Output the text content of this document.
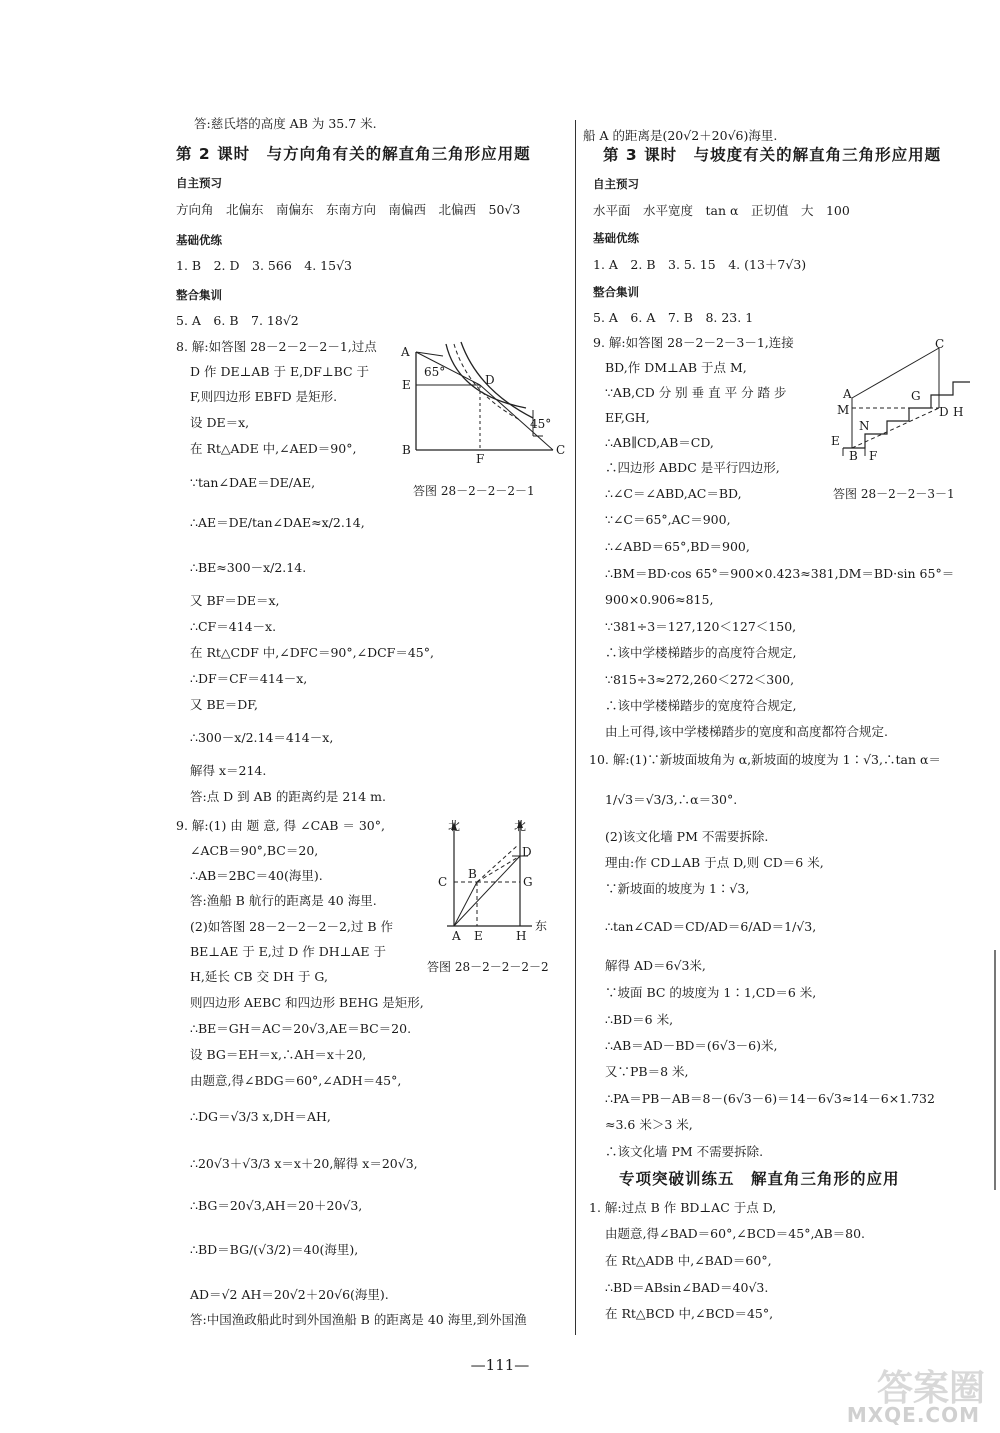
答:慈氏塔的高度 AB 为 35.7 米.
第 2 课时　与方向角有关的解直角三角形应用题
自主预习
方向角　北偏东　南偏东　东南方向　南偏西　北偏西　50√3
基础优练
1. B　2. D　3. 566　4. 15√3
整合集训
5. A　6. B　7. 18√2
8. 解:如答图 28－2－2－2－1,过点
D 作 DE⊥AB 于 E,DF⊥BC 于
F,则四边形 EBFD 是矩形.
设 DE＝x,
在 Rt△ADE 中,∠AED＝90°,
∵tan∠DAE＝DE/AE,
∴AE＝DE/tan∠DAE≈x/2.14,
∴BE≈300－x/2.14.
又 BF＝DE＝x,
∴CF＝414－x.
在 Rt△CDF 中,∠DFC＝90°,∠DCF＝45°,
∴DF＝CF＝414－x,
又 BE＝DF,
∴300－x/2.14＝414－x,
解得 x＝214.
答:点 D 到 AB 的距离约是 214 m.
9. 解:(1) 由 题 意, 得 ∠CAB ＝ 30°,
∠ACB＝90°,BC＝20,
∴AB＝2BC＝40(海里).
答:渔船 B 航行的距离是 40 海里.
(2)如答图 28－2－2－2－2,过 B 作
BE⊥AE 于 E,过 D 作 DH⊥AE 于
H,延长 CB 交 DH 于 G,
则四边形 AEBC 和四边形 BEHG 是矩形,
∴BE＝GH＝AC＝20√3,AE＝BC＝20.
设 BG＝EH＝x,∴AH＝x＋20,
由题意,得∠BDG＝60°,∠ADH＝45°,
∴DG＝√3/3 x,DH＝AH,
∴20√3＋√3/3 x＝x＋20,解得 x＝20√3,
∴BG＝20√3,AH＝20＋20√3,
∴BD＝BG/(√3/2)＝40(海里),
AD＝√2 AH＝20√2＋20√6(海里).
答:中国渔政船此时到外国渔船 B 的距离是 40 海里,到外国渔
船 A 的距离是(20√2＋20√6)海里.
第 3 课时　与坡度有关的解直角三角形应用题
自主预习
水平面　水平宽度　tan α　正切值　大　100
基础优练
1. A　2. B　3. 5. 15　4. (13＋7√3)
整合集训
5. A　6. A　7. B　8. 23. 1
9. 解:如答图 28－2－2－3－1,连接
BD,作 DM⊥AB 于点 M,
∵AB,CD 分 别 垂 直 平 分 踏 步
EF,GH,
∴AB∥CD,AB＝CD,
∴四边形 ABDC 是平行四边形,
∴∠C＝∠ABD,AC＝BD,
∵∠C＝65°,AC＝900,
∴∠ABD＝65°,BD＝900,
∴BM＝BD·cos 65°＝900×0.423≈381,DM＝BD·sin 65°＝
900×0.906≈815,
∵381÷3＝127,120＜127＜150,
∴该中学楼梯踏步的高度符合规定,
∵815÷3≈272,260＜272＜300,
∴该中学楼梯踏步的宽度符合规定,
由上可得,该中学楼梯踏步的宽度和高度都符合规定.
10. 解:(1)∵新坡面坡角为 α,新坡面的坡度为 1∶√3,∴tan α＝
1/√3＝√3/3,∴α＝30°.
(2)该文化墙 PM 不需要拆除.
理由:作 CD⊥AB 于点 D,则 CD＝6 米,
∵新坡面的坡度为 1∶√3,
∴tan∠CAD＝CD/AD＝6/AD＝1/√3,
解得 AD＝6√3米,
∵坡面 BC 的坡度为 1∶1,CD＝6 米,
∴BD＝6 米,
∴AB＝AD－BD＝(6√3－6)米,
又∵PB＝8 米,
∴PA＝PB－AB＝8－(6√3－6)＝14－6√3≈14－6×1.732
≈3.6 米＞3 米,
∴该文化墙 PM 不需要拆除.
专项突破训练五　解直角三角形的应用
1. 解:过点 B 作 BD⊥AC 于点 D,
由题意,得∠BAD＝60°,∠BCD＝45°,AB＝80.
在 Rt△ADB 中,∠BAD＝60°,
∴BD＝ABsin∠BAD＝40√3.
在 Rt△BCD 中,∠BCD＝45°,
A
E
B
F
C
D
65°
45°
答图 28－2－2－2－1
北	北
东
C
B
D
G
A E	H
答图 28－2－2－2－2
C
A
M
G
D H
N
E
B F
答图 28－2－2－3－1
—111—
答案圈
MXQE.COM
